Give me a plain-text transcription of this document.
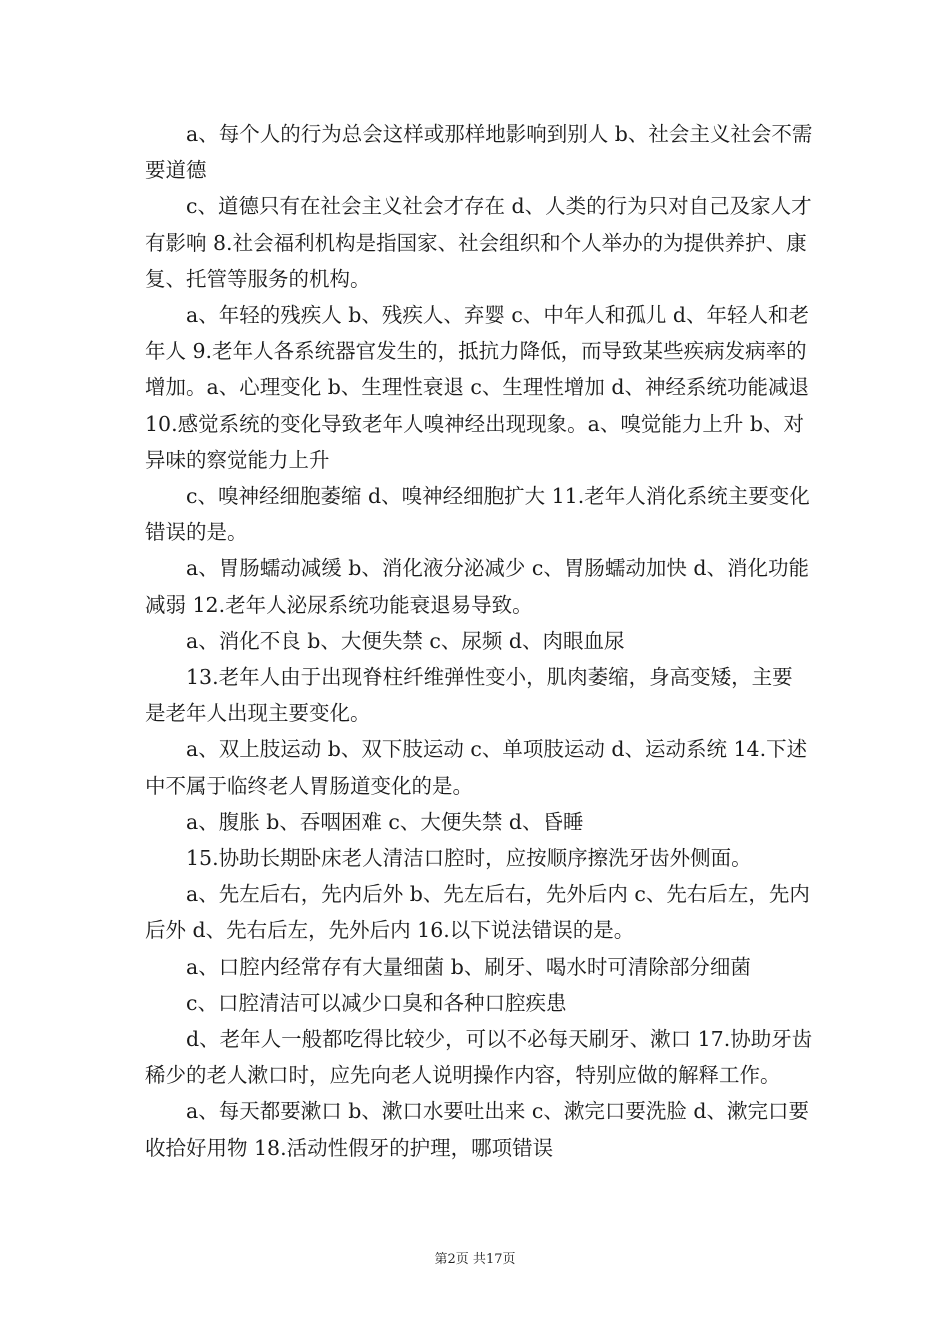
a、每个人的行为总会这样或那样地影响到别人 b、社会主义社会不需要道德

c、道德只有在社会主义社会才存在 d、人类的行为只对自己及家人才有影响 8.社会福利机构是指国家、社会组织和个人举办的为提供养护、康复、托管等服务的机构。

a、年轻的残疾人 b、残疾人、弃婴 c、中年人和孤儿 d、年轻人和老年人 9.老年人各系统器官发生的，抵抗力降低，而导致某些疾病发病率的增加。a、心理变化 b、生理性衰退 c、生理性增加 d、神经系统功能减退 10.感觉系统的变化导致老年人嗅神经出现现象。a、嗅觉能力上升 b、对异味的察觉能力上升

c、嗅神经细胞萎缩 d、嗅神经细胞扩大 11.老年人消化系统主要变化错误的是。

a、胃肠蠕动减缓 b、消化液分泌减少 c、胃肠蠕动加快 d、消化功能减弱 12.老年人泌尿系统功能衰退易导致。

a、消化不良 b、大便失禁 c、尿频 d、肉眼血尿

13.老年人由于出现脊柱纤维弹性变小，肌肉萎缩，身高变矮，主要是老年人出现主要变化。

a、双上肢运动 b、双下肢运动 c、单项肢运动 d、运动系统 14.下述中不属于临终老人胃肠道变化的是。

a、腹胀 b、吞咽困难 c、大便失禁 d、昏睡

15.协助长期卧床老人清洁口腔时，应按顺序擦洗牙齿外侧面。

a、先左后右，先内后外 b、先左后右，先外后内 c、先右后左，先内后外 d、先右后左，先外后内 16.以下说法错误的是。

a、口腔内经常存有大量细菌 b、刷牙、喝水时可清除部分细菌

c、口腔清洁可以减少口臭和各种口腔疾患

d、老年人一般都吃得比较少，可以不必每天刷牙、漱口 17.协助牙齿稀少的老人漱口时，应先向老人说明操作内容，特别应做的解释工作。

a、每天都要漱口 b、漱口水要吐出来 c、漱完口要洗脸 d、漱完口要收拾好用物 18.活动性假牙的护理，哪项错误

第2页 共17页
